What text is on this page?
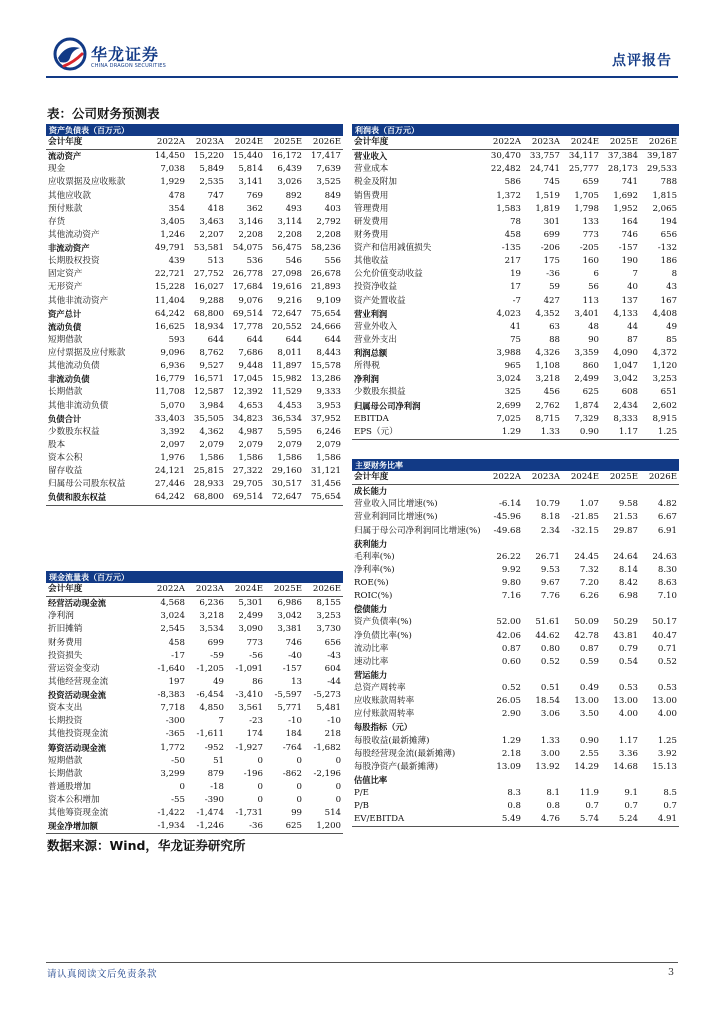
华龙证券
CHINA DRAGON SECURITIES	点评报告
表：公司财务预测表
资产负债表（百万元）					
会计年度	2022A	2023A	2024E	2025E	2026E
流动资产	14,450	15,220	15,440	16,172	17,417
现金	7,038	5,849	5,814	6,439	7,639
应收票据及应收账款	1,929	2,535	3,141	3,026	3,525
其他应收款	478	747	769	892	849
预付账款	354	418	362	493	403
存货	3,405	3,463	3,146	3,114	2,792
其他流动资产	1,246	2,207	2,208	2,208	2,208
非流动资产	49,791	53,581	54,075	56,475	58,236
长期股权投资	439	513	536	546	556
固定资产	22,721	27,752	26,778	27,098	26,678
无形资产	15,228	16,027	17,684	19,616	21,893
其他非流动资产	11,404	9,288	9,076	9,216	9,109
资产总计	64,242	68,800	69,514	72,647	75,654
流动负债	16,625	18,934	17,778	20,552	24,666
短期借款	593	644	644	644	644
应付票据及应付账款	9,096	8,762	7,686	8,011	8,443
其他流动负债	6,936	9,527	9,448	11,897	15,578
非流动负债	16,779	16,571	17,045	15,982	13,286
长期借款	11,708	12,587	12,392	11,529	9,333
其他非流动负债	5,070	3,984	4,653	4,453	3,953
负债合计	33,403	35,505	34,823	36,534	37,952
少数股东权益	3,392	4,362	4,987	5,595	6,246
股本	2,097	2,079	2,079	2,079	2,079
资本公积	1,976	1,586	1,586	1,586	1,586
留存收益	24,121	25,815	27,322	29,160	31,121
归属母公司股东权益	27,446	28,933	29,705	30,517	31,456
负债和股东权益	64,242	68,800	69,514	72,647	75,654
现金流量表（百万元）					
会计年度	2022A	2023A	2024E	2025E	2026E
经营活动现金流	4,568	6,236	5,301	6,986	8,155
净利润	3,024	3,218	2,499	3,042	3,253
折旧摊销	2,545	3,534	3,090	3,381	3,730
财务费用	458	699	773	746	656
投资损失	-17	-59	-56	-40	-43
营运资金变动	-1,640	-1,205	-1,091	-157	604
其他经营现金流	197	49	86	13	-44
投资活动现金流	-8,383	-6,454	-3,410	-5,597	-5,273
资本支出	7,718	4,850	3,561	5,771	5,481
长期投资	-300	7	-23	-10	-10
其他投资现金流	-365	-1,611	174	184	218
筹资活动现金流	1,772	-952	-1,927	-764	-1,682
短期借款	-50	51	0	0	0
长期借款	3,299	879	-196	-862	-2,196
普通股增加	0	-18	0	0	0
资本公积增加	-55	-390	0	0	0
其他筹资现金流	-1,422	-1,474	-1,731	99	514
现金净增加额	-1,934	-1,246	-36	625	1,200
利润表（百万元）					
会计年度	2022A	2023A	2024E	2025E	2026E
营业收入	30,470	33,757	34,117	37,384	39,187
营业成本	22,482	24,741	25,777	28,173	29,533
税金及附加	586	745	659	741	788
销售费用	1,372	1,519	1,705	1,692	1,815
管理费用	1,583	1,819	1,798	1,952	2,065
研发费用	78	301	133	164	194
财务费用	458	699	773	746	656
资产和信用减值损失	-135	-206	-205	-157	-132
其他收益	217	175	160	190	186
公允价值变动收益	19	-36	6	7	8
投资净收益	17	59	56	40	43
资产处置收益	-7	427	113	137	167
营业利润	4,023	4,352	3,401	4,133	4,408
营业外收入	41	63	48	44	49
营业外支出	75	88	90	87	85
利润总额	3,988	4,326	3,359	4,090	4,372
所得税	965	1,108	860	1,047	1,120
净利润	3,024	3,218	2,499	3,042	3,253
少数股东损益	325	456	625	608	651
归属母公司净利润	2,699	2,762	1,874	2,434	2,602
EBITDA	7,025	8,715	7,329	8,333	8,915
EPS（元）	1.29	1.33	0.90	1.17	1.25
主要财务比率					
会计年度	2022A	2023A	2024E	2025E	2026E
成长能力					
营业收入同比增速(%)	-6.14	10.79	1.07	9.58	4.82
营业利润同比增速(%)	-45.96	8.18	-21.85	21.53	6.67
归属于母公司净利润同比增速(%)	-49.68	2.34	-32.15	29.87	6.91
获利能力					
毛利率(%)	26.22	26.71	24.45	24.64	24.63
净利率(%)	9.92	9.53	7.32	8.14	8.30
ROE(%)	9.80	9.67	7.20	8.42	8.63
ROIC(%)	7.16	7.76	6.26	6.98	7.10
偿债能力					
资产负债率(%)	52.00	51.61	50.09	50.29	50.17
净负债比率(%)	42.06	44.62	42.78	43.81	40.47
流动比率	0.87	0.80	0.87	0.79	0.71
速动比率	0.60	0.52	0.59	0.54	0.52
营运能力					
总资产周转率	0.52	0.51	0.49	0.53	0.53
应收账款周转率	26.05	18.54	13.00	13.00	13.00
应付账款周转率	2.90	3.06	3.50	4.00	4.00
每股指标（元）					
每股收益(最新摊薄)	1.29	1.33	0.90	1.17	1.25
每股经营现金流(最新摊薄)	2.18	3.00	2.55	3.36	3.92
每股净资产(最新摊薄)	13.09	13.92	14.29	14.68	15.13
估值比率					
P/E	8.3	8.1	11.9	9.1	8.5
P/B	0.8	0.8	0.7	0.7	0.7
EV/EBITDA	5.49	4.76	5.74	5.24	4.91
数据来源：Wind，华龙证券研究所
请认真阅读文后免责条款	3
